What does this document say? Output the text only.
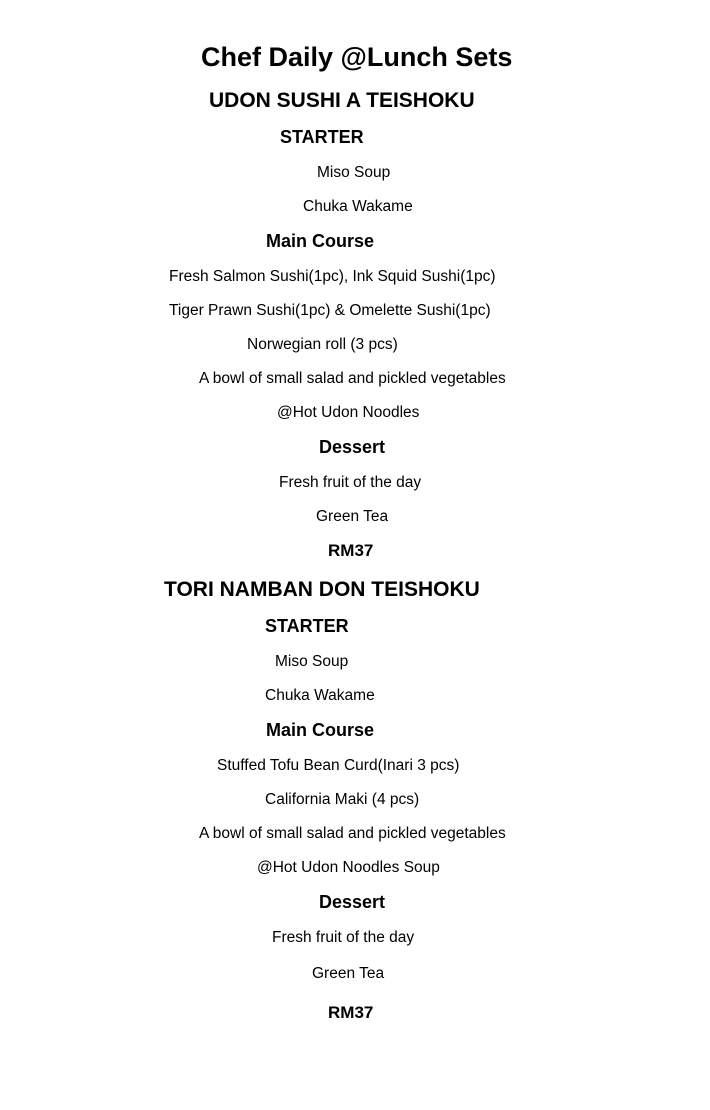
Chef Daily @Lunch Sets
UDON SUSHI A TEISHOKU
STARTER
Miso Soup
Chuka Wakame
Main Course
Fresh Salmon Sushi(1pc), Ink Squid Sushi(1pc)
Tiger Prawn Sushi(1pc) & Omelette Sushi(1pc)
Norwegian roll (3 pcs)
A bowl of small salad and pickled vegetables
@Hot Udon Noodles
Dessert
Fresh fruit of the day
Green Tea
RM37
TORI NAMBAN DON TEISHOKU
STARTER
Miso Soup
Chuka Wakame
Main Course
Stuffed Tofu Bean Curd(Inari 3 pcs)
California Maki (4 pcs)
A bowl of small salad and pickled vegetables
@Hot Udon Noodles Soup
Dessert
Fresh fruit of the day
Green Tea
RM37
